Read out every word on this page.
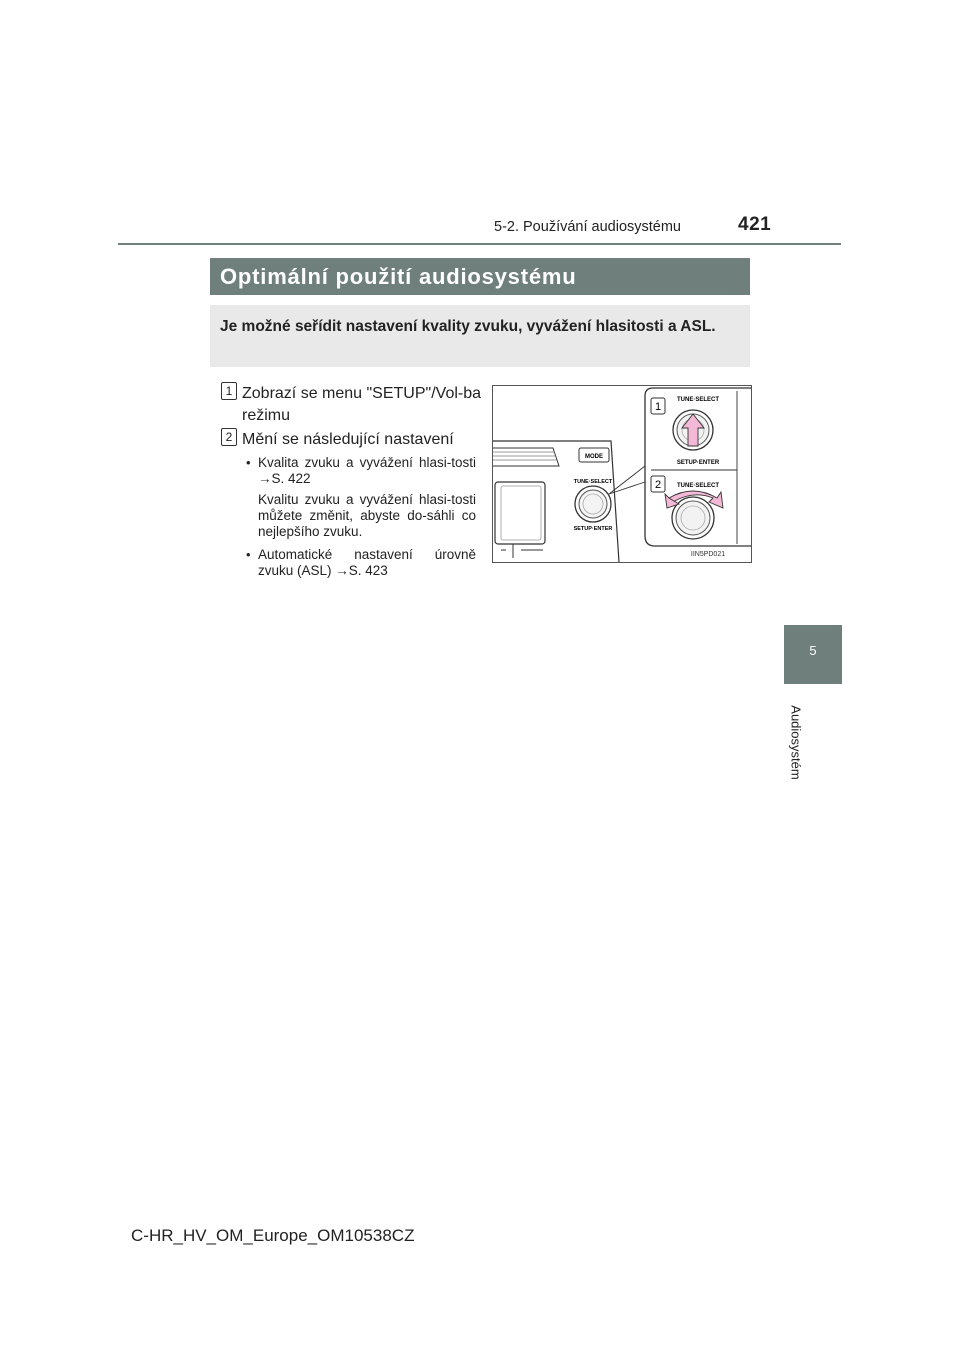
5-2. Používání audiosystému	421
5
Audiosystém
Optimální použití audiosystému
Je možné seřídit nastavení kvality zvuku, vyvážení hlasitosti a ASL.
1 Zobrazí se menu "SETUP"/Vol-ba režimu
2 Mění se následující nastavení
• Kvalita zvuku a vyvážení hlasi-tosti →S. 422
Kvalitu zvuku a vyvážení hlasi-tosti můžete změnit, abyste do-sáhli co nejlepšího zvuku.
• Automatické nastavení úrovně zvuku (ASL) →S. 423
MODE
TUNE·SELECT
SETUP·ENTER
TUNE·SELECT
SETUP·ENTER
TUNE·SELECT
1
2
IIN5PD021
C-HR_HV_OM_Europe_OM10538CZ
